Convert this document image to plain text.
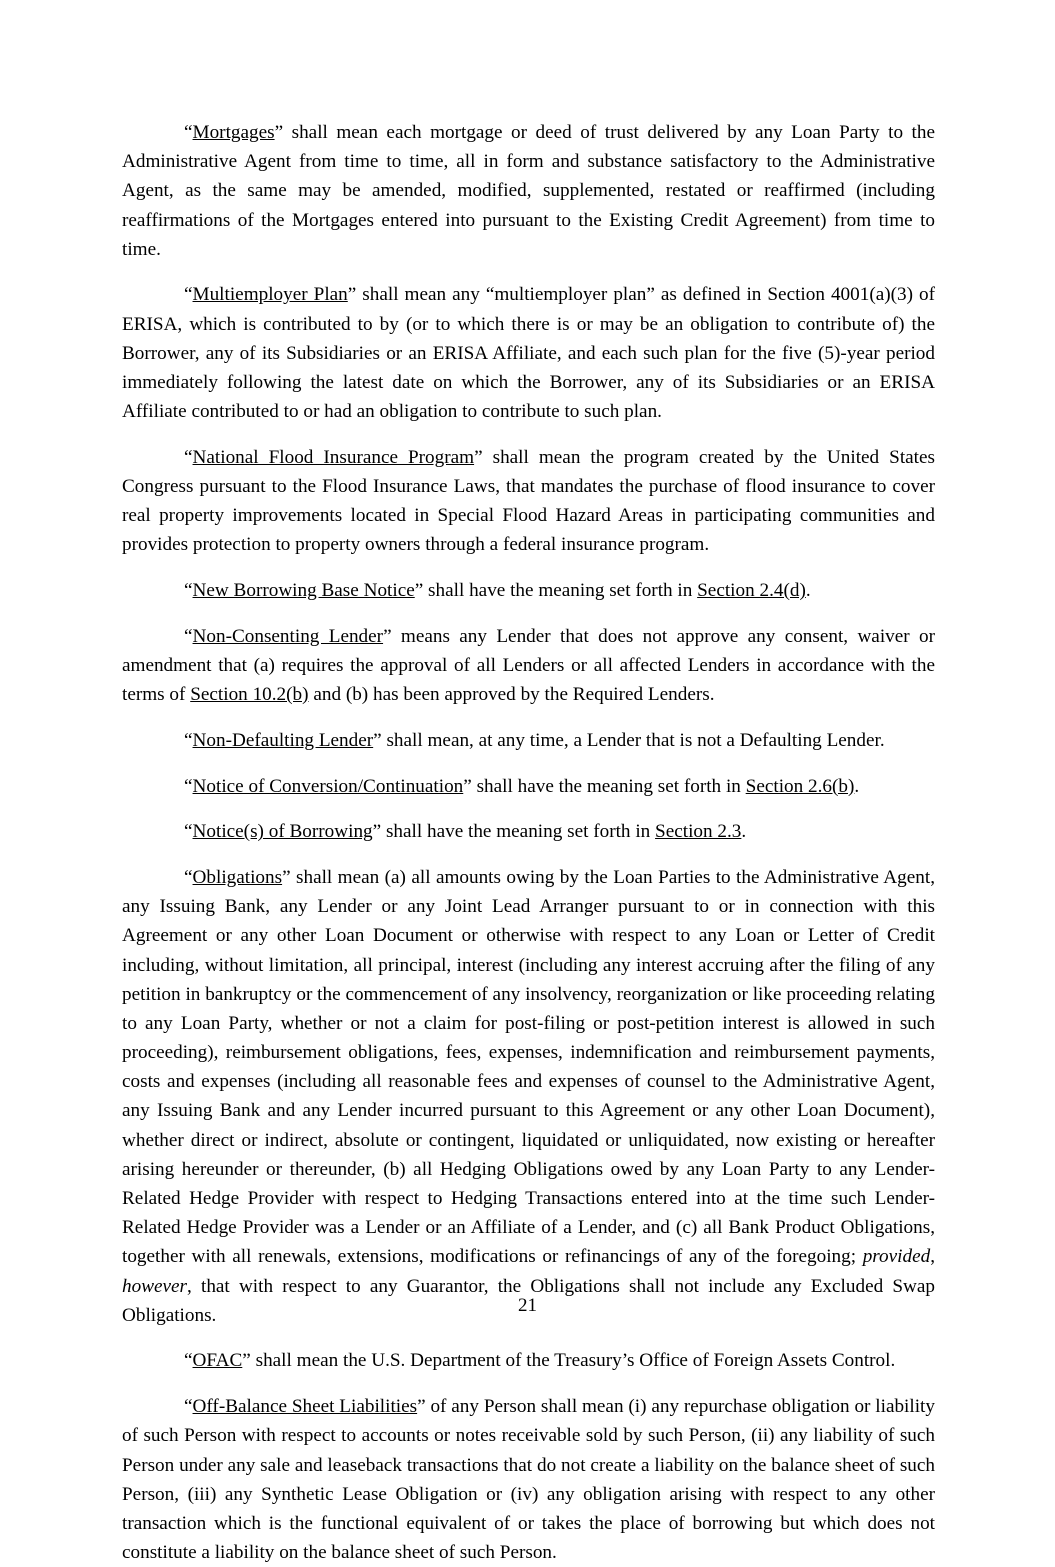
“Mortgages” shall mean each mortgage or deed of trust delivered by any Loan Party to the Administrative Agent from time to time, all in form and substance satisfactory to the Administrative Agent, as the same may be amended, modified, supplemented, restated or reaffirmed (including reaffirmations of the Mortgages entered into pursuant to the Existing Credit Agreement) from time to time.

“Multiemployer Plan” shall mean any “multiemployer plan” as defined in Section 4001(a)(3) of ERISA, which is contributed to by (or to which there is or may be an obligation to contribute of) the Borrower, any of its Subsidiaries or an ERISA Affiliate, and each such plan for the five (5)-year period immediately following the latest date on which the Borrower, any of its Subsidiaries or an ERISA Affiliate contributed to or had an obligation to contribute to such plan.

“National Flood Insurance Program” shall mean the program created by the United States Congress pursuant to the Flood Insurance Laws, that mandates the purchase of flood insurance to cover real property improvements located in Special Flood Hazard Areas in participating communities and provides protection to property owners through a federal insurance program.

“New Borrowing Base Notice” shall have the meaning set forth in Section 2.4(d).

“Non-Consenting Lender” means any Lender that does not approve any consent, waiver or amendment that (a) requires the approval of all Lenders or all affected Lenders in accordance with the terms of Section 10.2(b) and (b) has been approved by the Required Lenders.

“Non-Defaulting Lender” shall mean, at any time, a Lender that is not a Defaulting Lender.

“Notice of Conversion/Continuation” shall have the meaning set forth in Section 2.6(b).

“Notice(s) of Borrowing” shall have the meaning set forth in Section 2.3.

“Obligations” shall mean (a) all amounts owing by the Loan Parties to the Administrative Agent, any Issuing Bank, any Lender or any Joint Lead Arranger pursuant to or in connection with this Agreement or any other Loan Document or otherwise with respect to any Loan or Letter of Credit including, without limitation, all principal, interest (including any interest accruing after the filing of any petition in bankruptcy or the commencement of any insolvency, reorganization or like proceeding relating to any Loan Party, whether or not a claim for post-filing or post-petition interest is allowed in such proceeding), reimbursement obligations, fees, expenses, indemnification and reimbursement payments, costs and expenses (including all reasonable fees and expenses of counsel to the Administrative Agent, any Issuing Bank and any Lender incurred pursuant to this Agreement or any other Loan Document), whether direct or indirect, absolute or contingent, liquidated or unliquidated, now existing or hereafter arising hereunder or thereunder, (b) all Hedging Obligations owed by any Loan Party to any Lender-Related Hedge Provider with respect to Hedging Transactions entered into at the time such Lender-Related Hedge Provider was a Lender or an Affiliate of a Lender, and (c) all Bank Product Obligations, together with all renewals, extensions, modifications or refinancings of any of the foregoing; provided, however, that with respect to any Guarantor, the Obligations shall not include any Excluded Swap Obligations.

“OFAC” shall mean the U.S. Department of the Treasury’s Office of Foreign Assets Control.

“Off-Balance Sheet Liabilities” of any Person shall mean (i) any repurchase obligation or liability of such Person with respect to accounts or notes receivable sold by such Person, (ii) any liability of such Person under any sale and leaseback transactions that do not create a liability on the balance sheet of such Person, (iii) any Synthetic Lease Obligation or (iv) any obligation arising with respect to any other transaction which is the functional equivalent of or takes the place of borrowing but which does not constitute a liability on the balance sheet of such Person.

21
